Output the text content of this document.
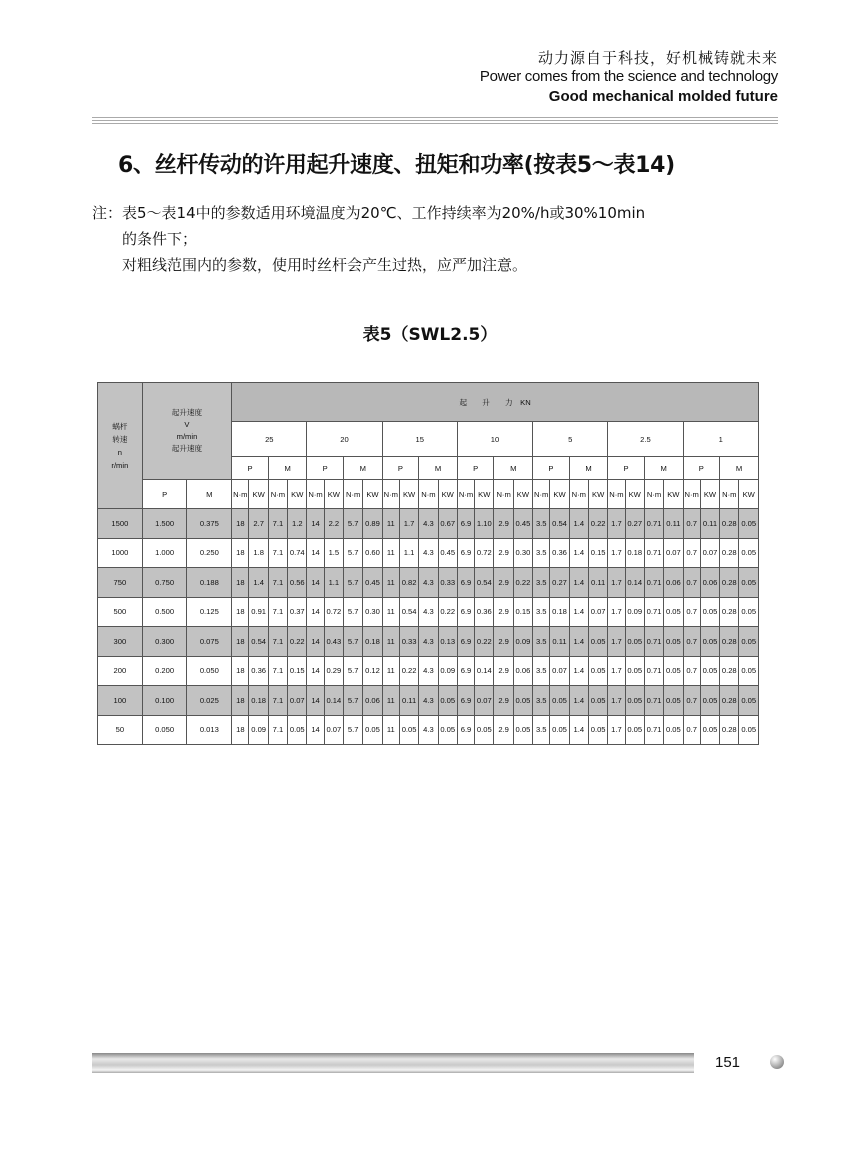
动力源自于科技，好机械铸就未来
Power comes from the science and technology
Good mechanical molded future
6、丝杆传动的许用起升速度、扭矩和功率(按表5～表14)
注：表5～表14中的参数适用环境温度为20℃、工作持续率为20%/h或30%10min
的条件下；
对粗线范围内的参数，使用时丝杆会产生过热，应严加注意。
表5（SWL2.5）
蜗杆
转速
n
r/min	起升速度
V
m/min
起升速度		起　　升　　力　KN																											
			25				20				15				10				5				2.5				1			
			P		M		P		M		P		M		P		M		P		M		P		M		P		M	
	P	M	N·m	KW	N·m	KW	N·m	KW	N·m	KW	N·m	KW	N·m	KW	N·m	KW	N·m	KW	N·m	KW	N·m	KW	N·m	KW	N·m	KW	N·m	KW	N·m	KW
1500	1.500	0.375	18	2.7	7.1	1.2	14	2.2	5.7	0.89	11	1.7	4.3	0.67	6.9	1.10	2.9	0.45	3.5	0.54	1.4	0.22	1.7	0.27	0.71	0.11	0.7	0.11	0.28	0.05
1000	1.000	0.250	18	1.8	7.1	0.74	14	1.5	5.7	0.60	11	1.1	4.3	0.45	6.9	0.72	2.9	0.30	3.5	0.36	1.4	0.15	1.7	0.18	0.71	0.07	0.7	0.07	0.28	0.05
750	0.750	0.188	18	1.4	7.1	0.56	14	1.1	5.7	0.45	11	0.82	4.3	0.33	6.9	0.54	2.9	0.22	3.5	0.27	1.4	0.11	1.7	0.14	0.71	0.06	0.7	0.06	0.28	0.05
500	0.500	0.125	18	0.91	7.1	0.37	14	0.72	5.7	0.30	11	0.54	4.3	0.22	6.9	0.36	2.9	0.15	3.5	0.18	1.4	0.07	1.7	0.09	0.71	0.05	0.7	0.05	0.28	0.05
300	0.300	0.075	18	0.54	7.1	0.22	14	0.43	5.7	0.18	11	0.33	4.3	0.13	6.9	0.22	2.9	0.09	3.5	0.11	1.4	0.05	1.7	0.05	0.71	0.05	0.7	0.05	0.28	0.05
200	0.200	0.050	18	0.36	7.1	0.15	14	0.29	5.7	0.12	11	0.22	4.3	0.09	6.9	0.14	2.9	0.06	3.5	0.07	1.4	0.05	1.7	0.05	0.71	0.05	0.7	0.05	0.28	0.05
100	0.100	0.025	18	0.18	7.1	0.07	14	0.14	5.7	0.06	11	0.11	4.3	0.05	6.9	0.07	2.9	0.05	3.5	0.05	1.4	0.05	1.7	0.05	0.71	0.05	0.7	0.05	0.28	0.05
50	0.050	0.013	18	0.09	7.1	0.05	14	0.07	5.7	0.05	11	0.05	4.3	0.05	6.9	0.05	2.9	0.05	3.5	0.05	1.4	0.05	1.7	0.05	0.71	0.05	0.7	0.05	0.28	0.05
151
